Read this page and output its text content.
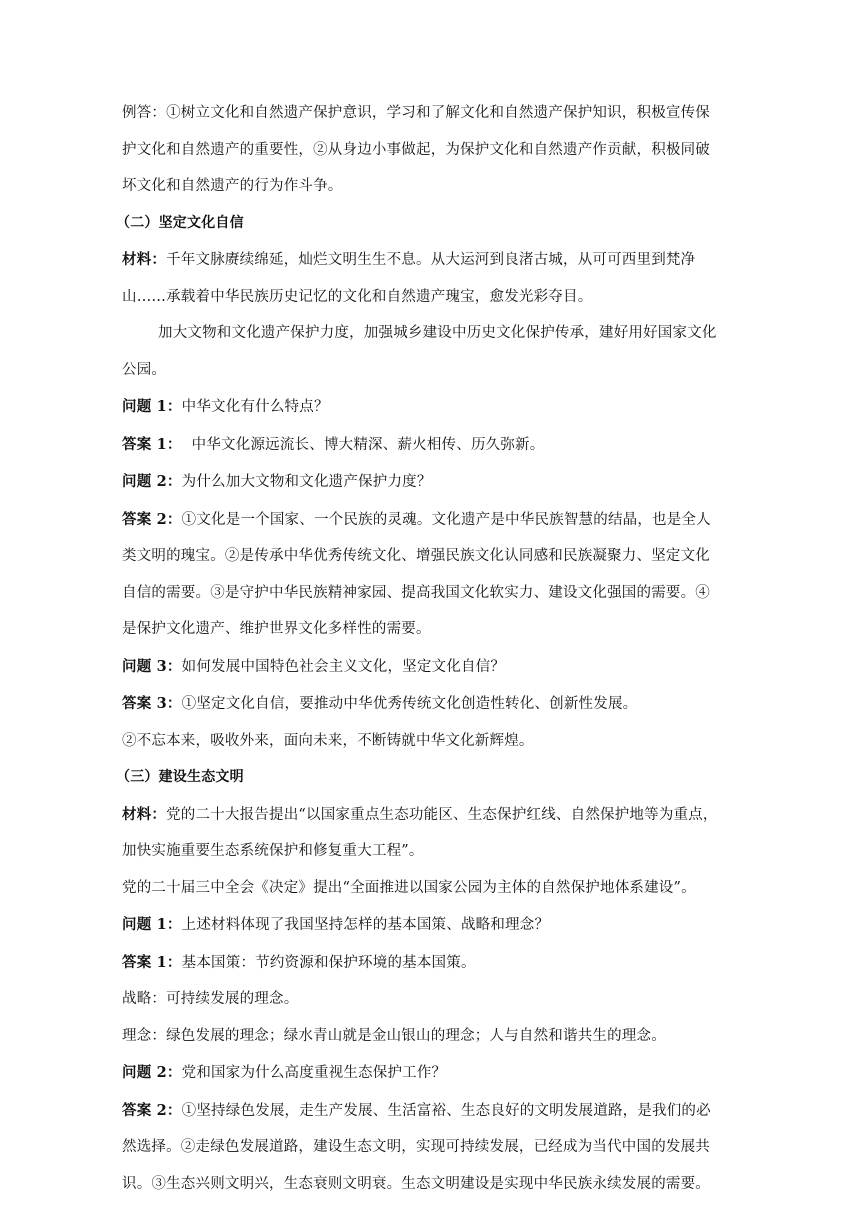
例答：①树立文化和自然遗产保护意识，学习和了解文化和自然遗产保护知识，积极宣传保
护文化和自然遗产的重要性，②从身边小事做起，为保护文化和自然遗产作贡献，积极同破
坏文化和自然遗产的行为作斗争。
（二）坚定文化自信
材料：千年文脉赓续绵延，灿烂文明生生不息。从大运河到良渚古城，从可可西里到梵净
山……承载着中华民族历史记忆的文化和自然遗产瑰宝，愈发光彩夺目。
加大文物和文化遗产保护力度，加强城乡建设中历史文化保护传承，建好用好国家文化
公园。
问题 1：中华文化有什么特点？
答案 1： 中华文化源远流长、博大精深、薪火相传、历久弥新。
问题 2：为什么加大文物和文化遗产保护力度？
答案 2：①文化是一个国家、一个民族的灵魂。文化遗产是中华民族智慧的结晶，也是全人
类文明的瑰宝。②是传承中华优秀传统文化、增强民族文化认同感和民族凝聚力、坚定文化
自信的需要。③是守护中华民族精神家园、提高我国文化软实力、建设文化强国的需要。④
是保护文化遗产、维护世界文化多样性的需要。
问题 3：如何发展中国特色社会主义文化，坚定文化自信？
答案 3：①坚定文化自信，要推动中华优秀传统文化创造性转化、创新性发展。
②不忘本来，吸收外来，面向未来，不断铸就中华文化新辉煌。
（三）建设生态文明
材料：党的二十大报告提出“以国家重点生态功能区、生态保护红线、自然保护地等为重点，
加快实施重要生态系统保护和修复重大工程”。
党的二十届三中全会《决定》提出“全面推进以国家公园为主体的自然保护地体系建设”。
问题 1：上述材料体现了我国坚持怎样的基本国策、战略和理念？
答案 1：基本国策：节约资源和保护环境的基本国策。
战略：可持续发展的理念。
理念：绿色发展的理念；绿水青山就是金山银山的理念；人与自然和谐共生的理念。
问题 2：党和国家为什么高度重视生态保护工作？
答案 2：①坚持绿色发展，走生产发展、生活富裕、生态良好的文明发展道路，是我们的必
然选择。②走绿色发展道路，建设生态文明，实现可持续发展，已经成为当代中国的发展共
识。③生态兴则文明兴，生态衰则文明衰。生态文明建设是实现中华民族永续发展的需要。
